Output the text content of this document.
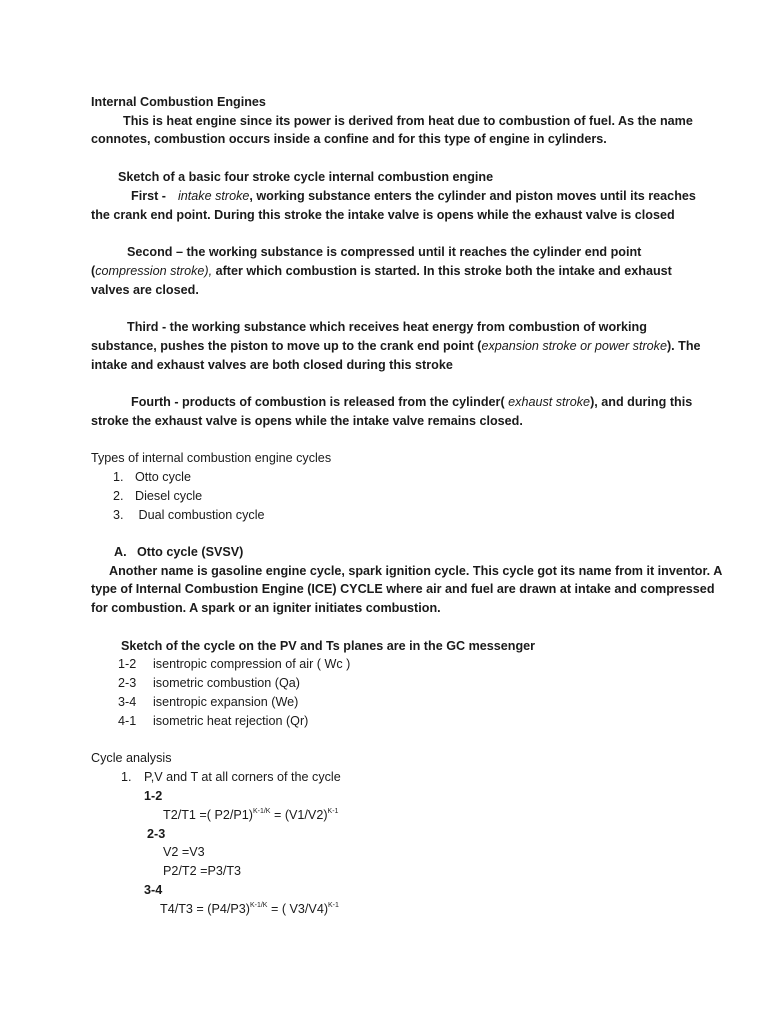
Internal Combustion Engines
This is heat engine since its power is derived from heat due to combustion of fuel. As the name
connotes, combustion occurs inside a confine and for this type of engine in cylinders.
Sketch of a basic four stroke cycle internal combustion engine
First - intake stroke, working substance enters the cylinder and piston moves until its reaches
the crank end point. During this stroke the intake valve is opens while the exhaust valve is closed
Second – the working substance is compressed until it reaches the cylinder end point
(compression stroke), after which combustion is started. In this stroke both the intake and exhaust
valves are closed.
Third - the working substance which receives heat energy from combustion of working
substance, pushes the piston to move up to the crank end point (expansion stroke or power stroke). The
intake and exhaust valves are both closed during this stroke
Fourth - products of combustion is released from the cylinder( exhaust stroke), and during this
stroke the exhaust valve is opens while the intake valve remains closed.
Types of internal combustion engine cycles
1. Otto cycle
2. Diesel cycle
3. Dual combustion cycle
A. Otto cycle (SVSV)
Another name is gasoline engine cycle, spark ignition cycle. This cycle got its name from it inventor. A
type of Internal Combustion Engine (ICE) CYCLE where air and fuel are drawn at intake and compressed
for combustion. A spark or an igniter initiates combustion.
Sketch of the cycle on the PV and Ts planes are in the GC messenger
1-2 isentropic compression of air ( Wc )
2-3 isometric combustion (Qa)
3-4 isentropic expansion (We)
4-1 isometric heat rejection (Qr)
Cycle analysis
1. P,V and T at all corners of the cycle
1-2
T2/T1 =( $P2/P1)^{K-1/K} = (V1/V2)^{K-1}$
2-3
V2 =V3
P2/T2 =P3/T3
3-4
$T4/T3 = (P4/P3)^{K-1/K}$ = ( V3/V4)$^{K-1}$
